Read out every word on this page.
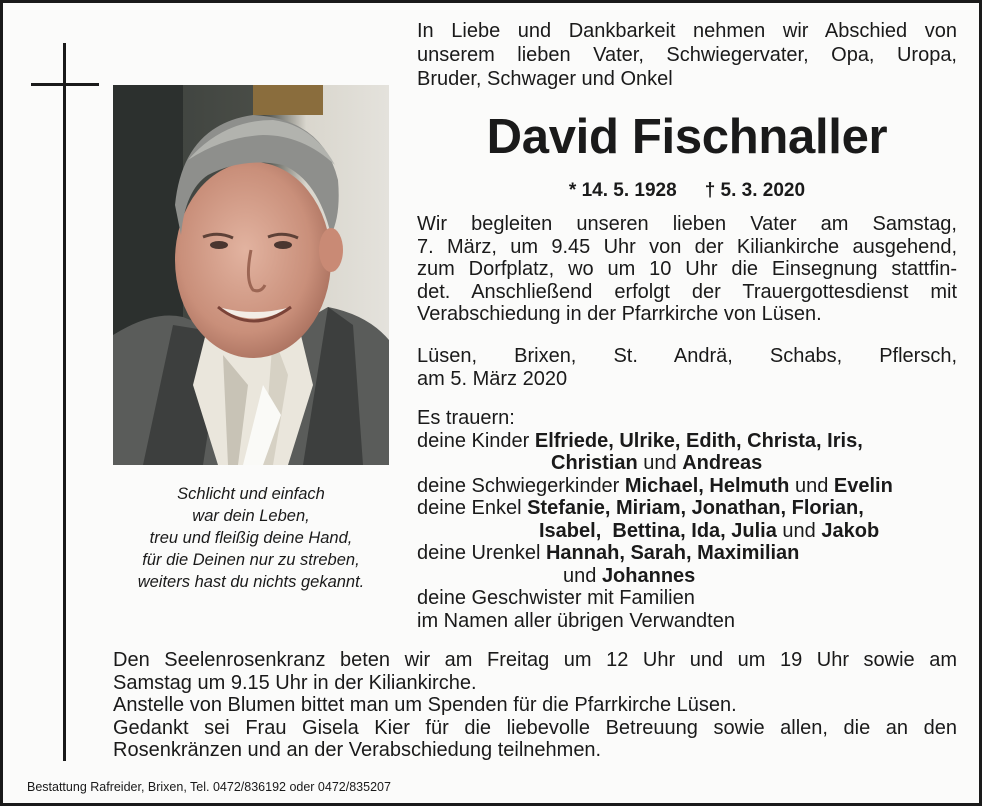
Schlicht und einfach
war dein Leben,
treu und fleißig deine Hand,
für die Deinen nur zu streben,
weiters hast du nichts gekannt.
In Liebe und Dankbarkeit nehmen wir Abschied von
unserem lieben Vater, Schwiegervater, Opa, Uropa,
Bruder, Schwager und Onkel
David Fischnaller
* 14. 5. 1928 † 5. 3. 2020
Wir begleiten unseren lieben Vater am Samstag,
7. März, um 9.45 Uhr von der Kiliankirche ausgehend,
zum Dorfplatz, wo um 10 Uhr die Einsegnung stattfin-
det. Anschließend erfolgt der Trauergottesdienst mit
Verabschiedung in der Pfarrkirche von Lüsen.
Lüsen, Brixen, St. Andrä, Schabs, Pflersch,
am 5. März 2020
Es trauern:
deine Kinder Elfriede, Ulrike, Edith, Christa, Iris,
Christian und Andreas
deine Schwiegerkinder Michael, Helmuth und Evelin
deine Enkel Stefanie, Miriam, Jonathan, Florian,
Isabel,  Bettina, Ida, Julia und Jakob
deine Urenkel Hannah, Sarah, Maximilian
und Johannes
deine Geschwister mit Familien
im Namen aller übrigen Verwandten
Den Seelenrosenkranz beten wir am Freitag um 12 Uhr und um 19 Uhr sowie am
Samstag um 9.15 Uhr in der Kiliankirche.
Anstelle von Blumen bittet man um Spenden für die Pfarrkirche Lüsen.
Gedankt sei Frau Gisela Kier für die liebevolle Betreuung sowie allen, die an den
Rosenkränzen und an der Verabschiedung teilnehmen.
Bestattung Rafreider, Brixen, Tel. 0472/836192 oder 0472/835207
